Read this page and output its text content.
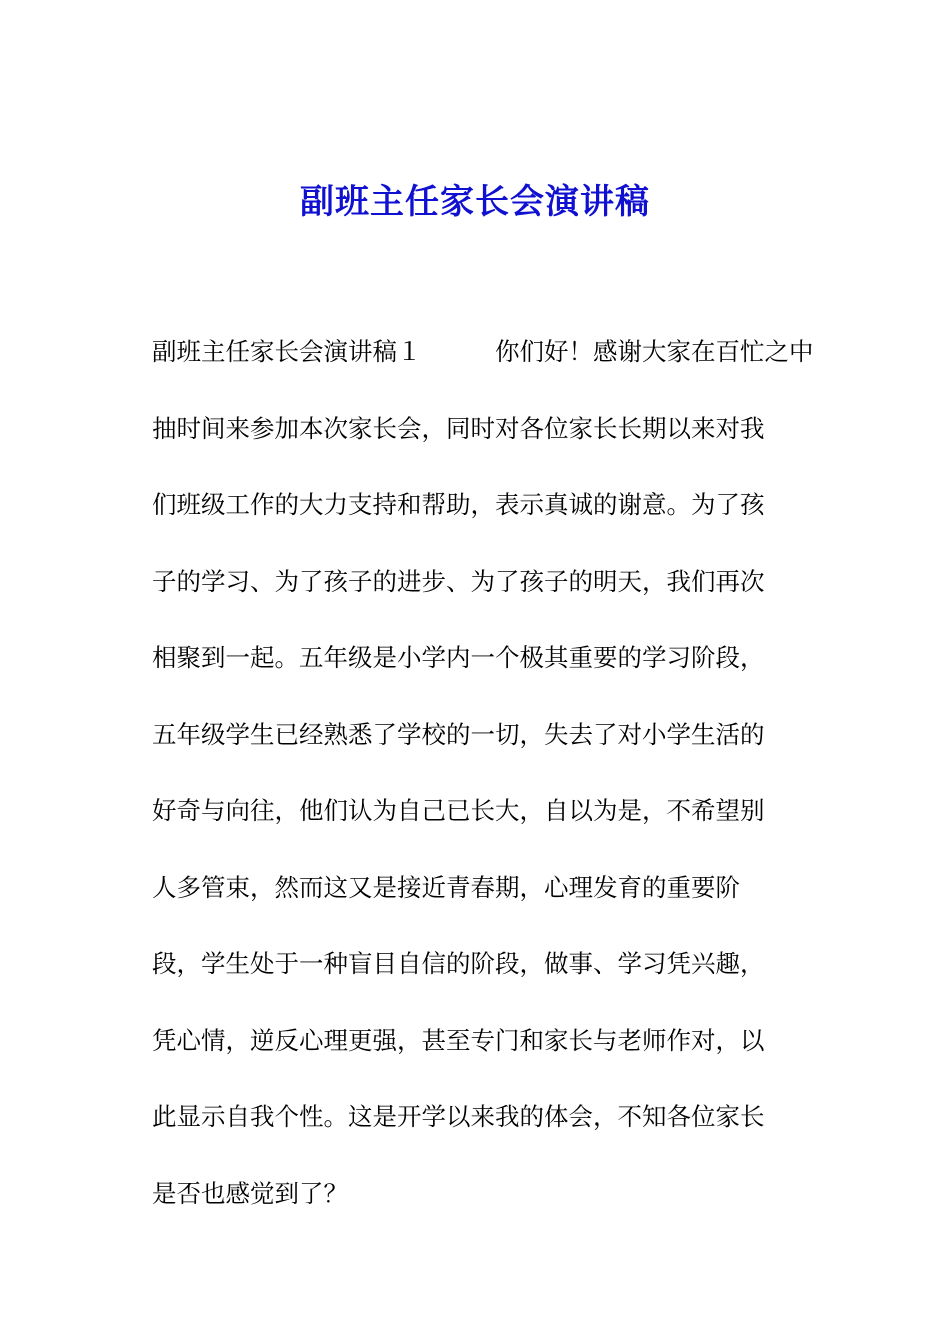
副班主任家长会演讲稿
副班主任家长会演讲稿１　　　你们好！感谢大家在百忙之中
抽时间来参加本次家长会，同时对各位家长长期以来对我
们班级工作的大力支持和帮助，表示真诚的谢意。为了孩
子的学习、为了孩子的进步、为了孩子的明天，我们再次
相聚到一起。五年级是小学内一个极其重要的学习阶段，
五年级学生已经熟悉了学校的一切，失去了对小学生活的
好奇与向往，他们认为自己已长大，自以为是，不希望别
人多管束，然而这又是接近青春期，心理发育的重要阶
段，学生处于一种盲目自信的阶段，做事、学习凭兴趣，
凭心情，逆反心理更强，甚至专门和家长与老师作对，以
此显示自我个性。这是开学以来我的体会，不知各位家长
是否也感觉到了？
